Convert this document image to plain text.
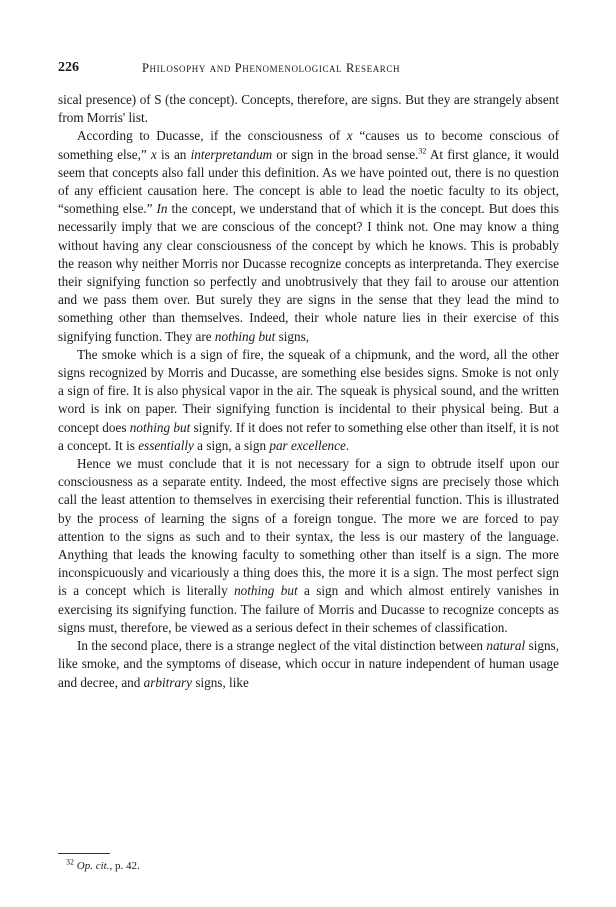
226	Philosophy and Phenomenological Research

sical presence) of S (the concept). Concepts, therefore, are signs. But they are strangely absent from Morris' list.

According to Ducasse, if the consciousness of x “causes us to become conscious of something else,” x is an interpretandum or sign in the broad sense.$^{32}$ At first glance, it would seem that concepts also fall under this definition. As we have pointed out, there is no question of any efficient causation here. The concept is able to lead the noetic faculty to its object, “something else.” In the concept, we understand that of which it is the concept. But does this necessarily imply that we are conscious of the concept? I think not. One may know a thing without having any clear consciousness of the concept by which he knows. This is probably the reason why neither Morris nor Ducasse recognize concepts as interpretanda. They exercise their signifying function so perfectly and unobtrusively that they fail to arouse our attention and we pass them over. But surely they are signs in the sense that they lead the mind to something other than themselves. Indeed, their whole nature lies in their exercise of this signifying function. They are nothing but signs,

The smoke which is a sign of fire, the squeak of a chipmunk, and the word, all the other signs recognized by Morris and Ducasse, are something else besides signs. Smoke is not only a sign of fire. It is also physical vapor in the air. The squeak is physical sound, and the written word is ink on paper. Their signifying function is incidental to their physical being. But a concept does nothing but signify. If it does not refer to something else other than itself, it is not a concept. It is essentially a sign, a sign par excellence.

Hence we must conclude that it is not necessary for a sign to obtrude itself upon our consciousness as a separate entity. Indeed, the most effective signs are precisely those which call the least attention to themselves in exercising their referential function. This is illustrated by the process of learning the signs of a foreign tongue. The more we are forced to pay attention to the signs as such and to their syntax, the less is our mastery of the language. Anything that leads the knowing faculty to something other than itself is a sign. The more inconspicuously and vicariously a thing does this, the more it is a sign. The most perfect sign is a concept which is literally nothing but a sign and which almost entirely vanishes in exercising its signifying function. The failure of Morris and Ducasse to recognize concepts as signs must, therefore, be viewed as a serious defect in their schemes of classification.

In the second place, there is a strange neglect of the vital distinction between natural signs, like smoke, and the symptoms of disease, which occur in nature independent of human usage and decree, and arbitrary signs, like

$^{32}$ Op. cit., p. 42.
